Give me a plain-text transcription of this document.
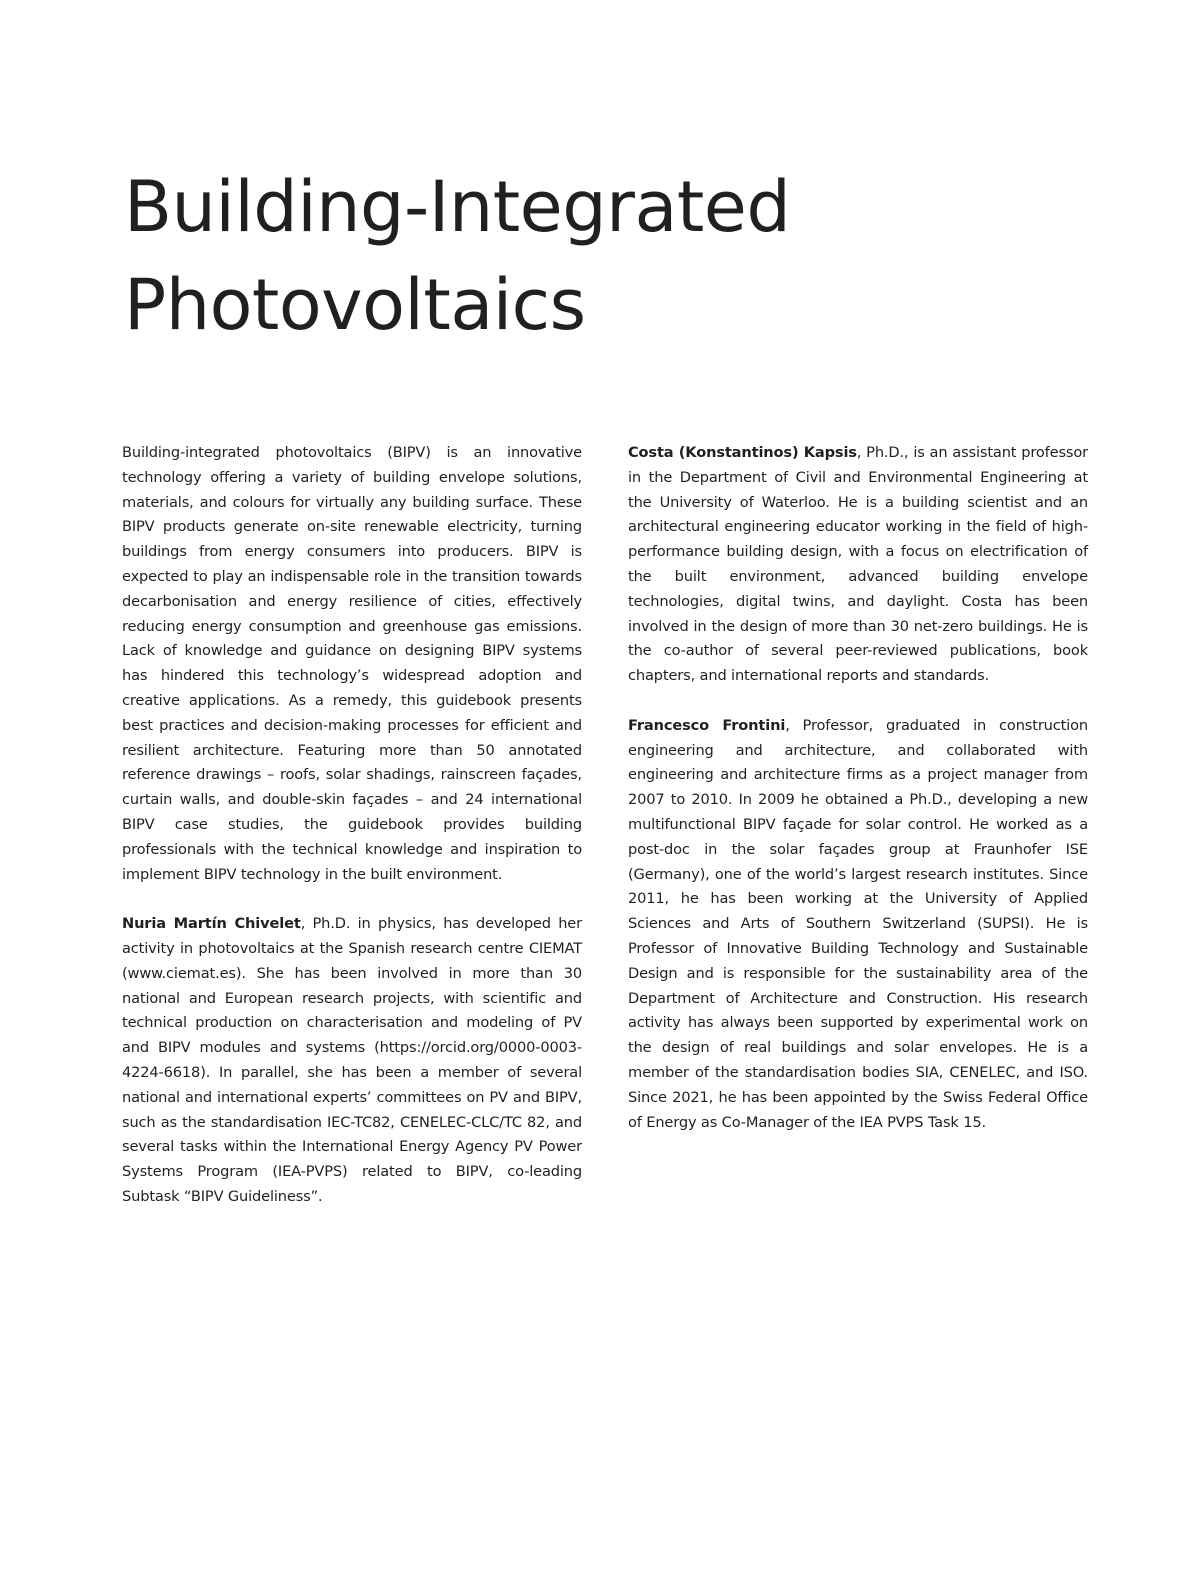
Building-Integrated
Photovoltaics

Building-integrated photovoltaics (BIPV) is an innovative technology offering a variety of building envelope solutions, materials, and colours for virtually any building surface. These BIPV products generate on-site renewable electricity, turning buildings from energy consumers into producers. BIPV is expected to play an indispensable role in the transition towards decarbonisation and energy resilience of cities, effectively reducing energy consumption and greenhouse gas emissions. Lack of knowledge and guidance on designing BIPV systems has hindered this technology’s widespread adoption and creative applications. As a remedy, this guidebook presents best practices and decision-making processes for efficient and resilient architecture. Featuring more than 50 annotated reference drawings – roofs, solar shadings, rainscreen façades, curtain walls, and double-skin façades – and 24 international BIPV case studies, the guidebook provides building professionals with the technical knowledge and inspiration to implement BIPV technology in the built environment.

Nuria Martín Chivelet, Ph.D. in physics, has developed her activity in photovoltaics at the Spanish research centre CIEMAT (www.ciemat.es). She has been involved in more than 30 national and European research projects, with scientific and technical production on characterisation and modeling of PV and BIPV modules and systems (https://orcid.org/0000-0003-4224-6618). In parallel, she has been a member of several national and international experts’ committees on PV and BIPV, such as the standardisation IEC-TC82, CENELEC-CLC/TC 82, and several tasks within the International Energy Agency PV Power Systems Program (IEA-PVPS) related to BIPV, co-leading Subtask “BIPV Guideliness”.

Costa (Konstantinos) Kapsis, Ph.D., is an assistant professor in the Department of Civil and Environmental Engineering at the University of Waterloo. He is a building scientist and an architectural engineering educator working in the field of high-performance building design, with a focus on electrification of the built environment, advanced building envelope technologies, digital twins, and daylight. Costa has been involved in the design of more than 30 net-zero buildings. He is the co-author of several peer-reviewed publications, book chapters, and international reports and standards.

Francesco Frontini, Professor, graduated in construction engineering and architecture, and collaborated with engineering and architecture firms as a project manager from 2007 to 2010. In 2009 he obtained a Ph.D., developing a new multifunctional BIPV façade for solar control. He worked as a post-doc in the solar façades group at Fraunhofer ISE (Germany), one of the world’s largest research institutes. Since 2011, he has been working at the University of Applied Sciences and Arts of Southern Switzerland (SUPSI). He is Professor of Innovative Building Technology and Sustainable Design and is responsible for the sustainability area of the Department of Architecture and Construction. His research activity has always been supported by experimental work on the design of real buildings and solar envelopes. He is a member of the standardisation bodies SIA, CENELEC, and ISO. Since 2021, he has been appointed by the Swiss Federal Office of Energy as Co-Manager of the IEA PVPS Task 15.
